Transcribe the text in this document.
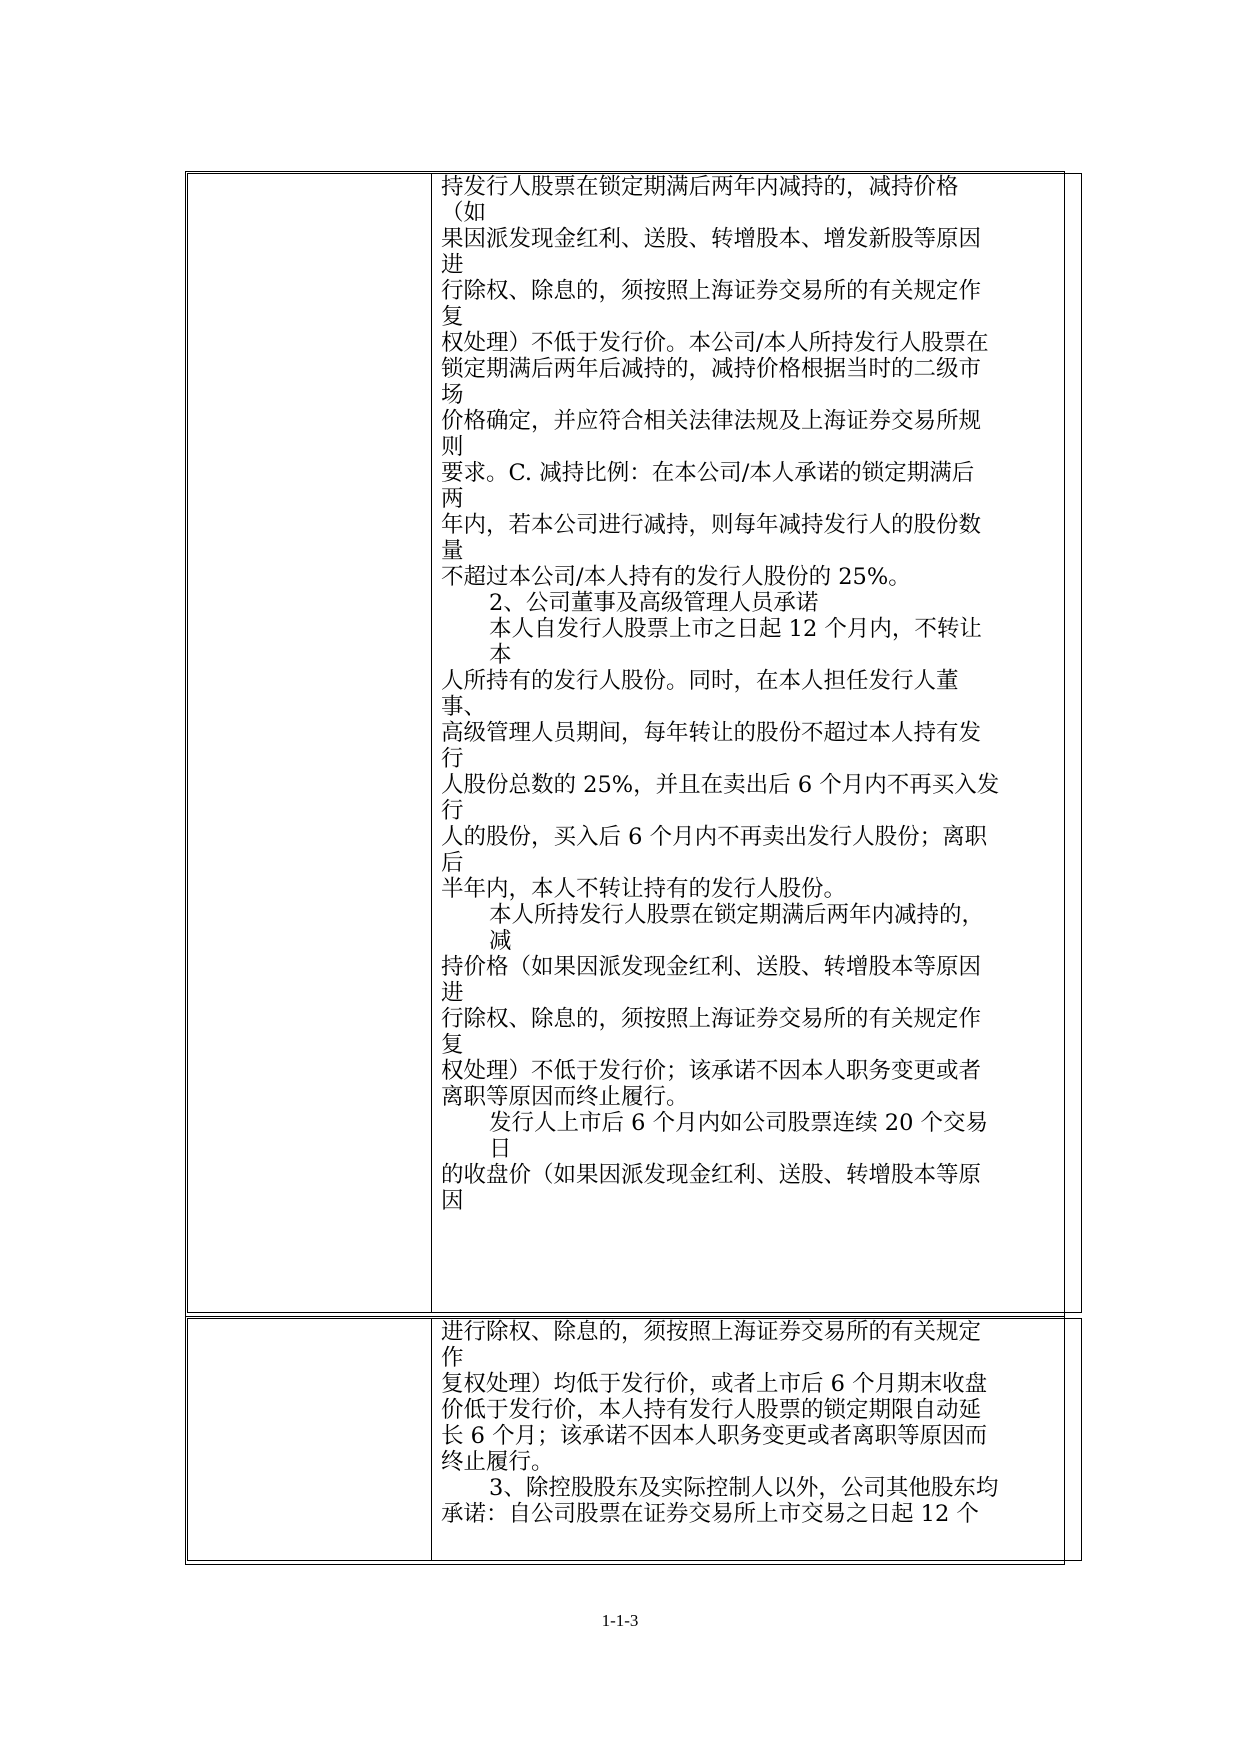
持发行人股票在锁定期满后两年内减持的，减持价格
（如
果因派发现金红利、送股、转增股本、增发新股等原因
进
行除权、除息的，须按照上海证券交易所的有关规定作
复
权处理）不低于发行价。本公司/本人所持发行人股票在
锁定期满后两年后减持的，减持价格根据当时的二级市
场
价格确定，并应符合相关法律法规及上海证券交易所规
则
要求。C. 减持比例：在本公司/本人承诺的锁定期满后
两
年内，若本公司进行减持，则每年减持发行人的股份数
量
不超过本公司/本人持有的发行人股份的 25%。
2、公司董事及高级管理人员承诺
本人自发行人股票上市之日起 12 个月内，不转让
本
人所持有的发行人股份。同时，在本人担任发行人董
事、
高级管理人员期间，每年转让的股份不超过本人持有发
行
人股份总数的 25%，并且在卖出后 6 个月内不再买入发
行
人的股份，买入后 6 个月内不再卖出发行人股份；离职
后
半年内，本人不转让持有的发行人股份。
本人所持发行人股票在锁定期满后两年内减持的，
减
持价格（如果因派发现金红利、送股、转增股本等原因
进
行除权、除息的，须按照上海证券交易所的有关规定作
复
权处理）不低于发行价；该承诺不因本人职务变更或者
离职等原因而终止履行。
发行人上市后 6 个月内如公司股票连续 20 个交易
日
的收盘价（如果因派发现金红利、送股、转增股本等原
因

进行除权、除息的，须按照上海证券交易所的有关规定
作
复权处理）均低于发行价，或者上市后 6 个月期末收盘
价低于发行价，本人持有发行人股票的锁定期限自动延
长 6 个月；该承诺不因本人职务变更或者离职等原因而
终止履行。
3、除控股股东及实际控制人以外，公司其他股东均
承诺：自公司股票在证券交易所上市交易之日起 12 个
1-1-3
